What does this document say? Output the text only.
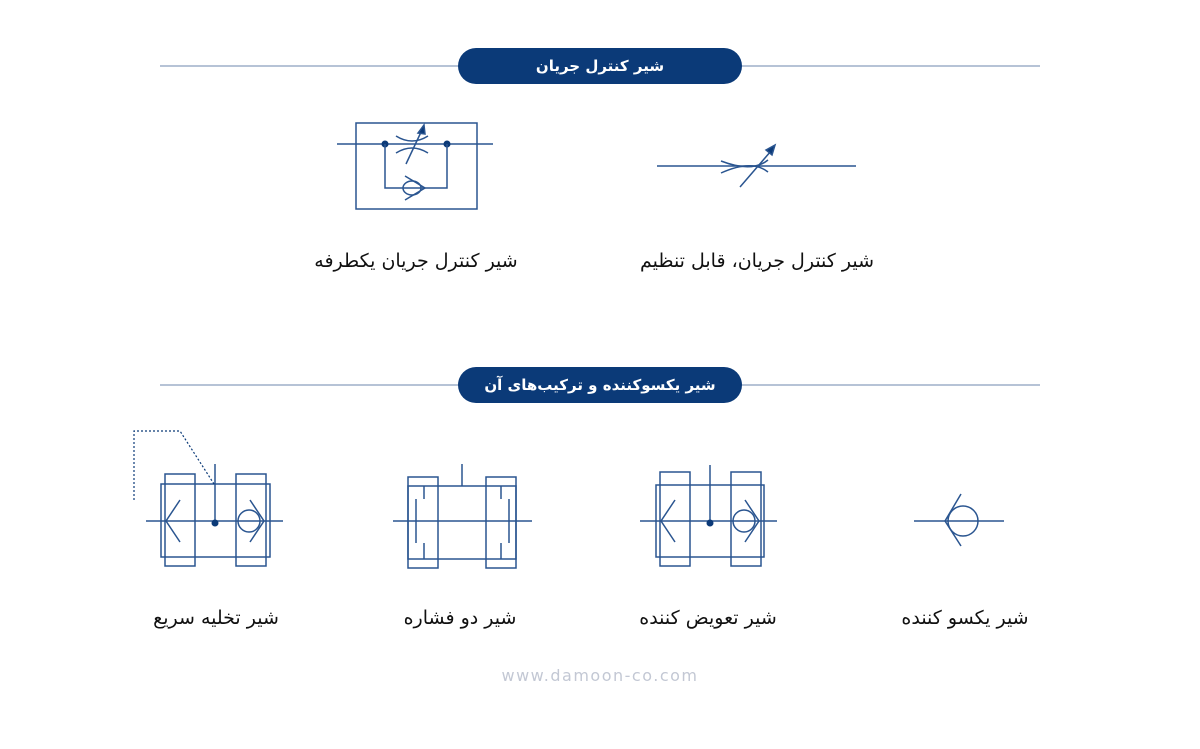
شیر کنترل جریان
شیر یکسوکننده و ترکیب‌های آن
شیر کنترل جریان یکطرفه	شیر کنترل جریان، قابل تنظیم
شیر تخلیه سریع	شیر دو فشاره	شیر تعویض کننده	شیر یکسو کننده
www.damoon-co.com
